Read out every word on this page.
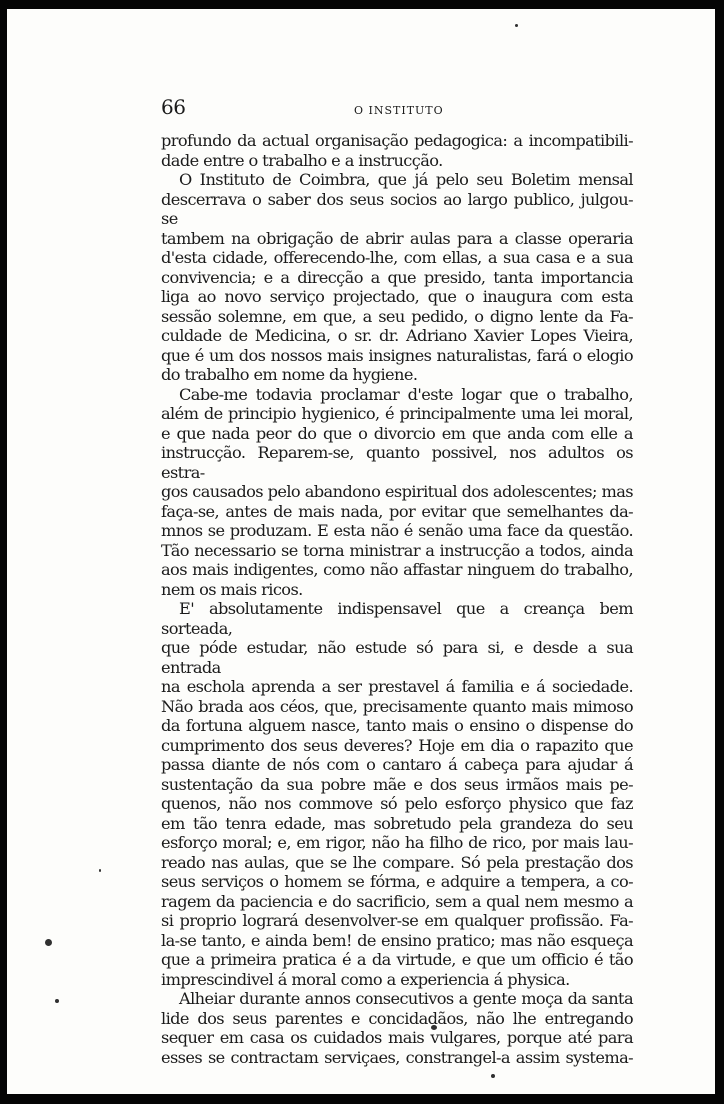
66	O INSTITUTO

profundo da actual organisação pedagogica: a incompatibili-

dade entre o trabalho e a instrucção.

O Instituto de Coimbra, que já pelo seu Boletim mensal

descerrava o saber dos seus socios ao largo publico, julgou-se

tambem na obrigação de abrir aulas para a classe operaria

d'esta cidade, offerecendo-lhe, com ellas, a sua casa e a sua

convivencia; e a direcção a que presido, tanta importancia

liga ao novo serviço projectado, que o inaugura com esta

sessão solemne, em que, a seu pedido, o digno lente da Fa-

culdade de Medicina, o sr. dr. Adriano Xavier Lopes Vieira,

que é um dos nossos mais insignes naturalistas, fará o elogio

do trabalho em nome da hygiene.

Cabe-me todavia proclamar d'este logar que o trabalho,

além de principio hygienico, é principalmente uma lei moral,

e que nada peor do que o divorcio em que anda com elle a

instrucção. Reparem-se, quanto possivel, nos adultos os estra-

gos causados pelo abandono espiritual dos adolescentes; mas

faça-se, antes de mais nada, por evitar que semelhantes da-

mnos se produzam. E esta não é senão uma face da questão.

Tão necessario se torna ministrar a instrucção a todos, ainda

aos mais indigentes, como não affastar ninguem do trabalho,

nem os mais ricos.

E' absolutamente indispensavel que a creança bem sorteada,

que póde estudar, não estude só para si, e desde a sua entrada

na eschola aprenda a ser prestavel á familia e á sociedade.

Não brada aos céos, que, precisamente quanto mais mimoso

da fortuna alguem nasce, tanto mais o ensino o dispense do

cumprimento dos seus deveres? Hoje em dia o rapazito que

passa diante de nós com o cantaro á cabeça para ajudar á

sustentação da sua pobre mãe e dos seus irmãos mais pe-

quenos, não nos commove só pelo esforço physico que faz

em tão tenra edade, mas sobretudo pela grandeza do seu

esforço moral; e, em rigor, não ha filho de rico, por mais lau-

reado nas aulas, que se lhe compare. Só pela prestação dos

seus serviços o homem se fórma, e adquire a tempera, a co-

ragem da paciencia e do sacrificio, sem a qual nem mesmo a

si proprio logrará desenvolver-se em qualquer profissão. Fa-

la-se tanto, e ainda bem! de ensino pratico; mas não esqueça

que a primeira pratica é a da virtude, e que um officio é tão

imprescindivel á moral como a experiencia á physica.

Alheiar durante annos consecutivos a gente moça da santa

lide dos seus parentes e concidadãos, não lhe entregando

sequer em casa os cuidados mais vulgares, porque até para

esses se contractam serviçaes, constrangel-a assim systema-
